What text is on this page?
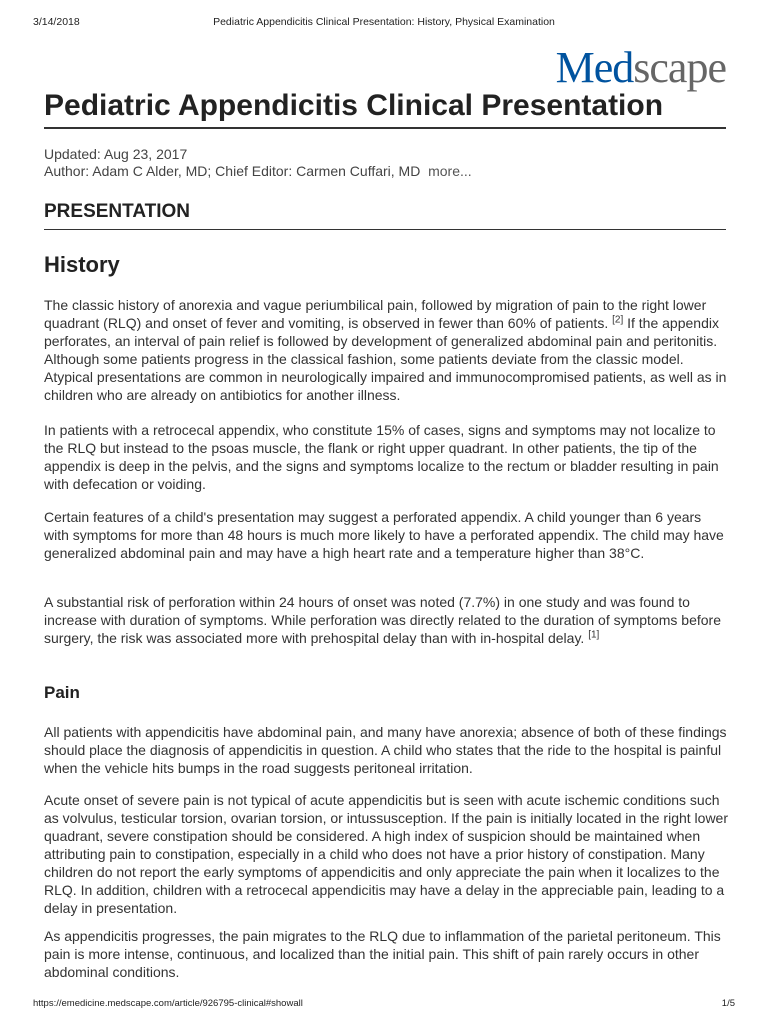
3/14/2018	Pediatric Appendicitis Clinical Presentation: History, Physical Examination
Medscape
Pediatric Appendicitis Clinical Presentation
Updated: Aug 23, 2017
Author: Adam C Alder, MD; Chief Editor: Carmen Cuffari, MD more...
PRESENTATION
History

The classic history of anorexia and vague periumbilical pain, followed by migration of pain to the right lower quadrant (RLQ) and onset of fever and vomiting, is observed in fewer than 60% of patients. [2] If the appendix perforates, an interval of pain relief is followed by development of generalized abdominal pain and peritonitis. Although some patients progress in the classical fashion, some patients deviate from the classic model. Atypical presentations are common in neurologically impaired and immunocompromised patients, as well as in children who are already on antibiotics for another illness.

In patients with a retrocecal appendix, who constitute 15% of cases, signs and symptoms may not localize to the RLQ but instead to the psoas muscle, the flank or right upper quadrant. In other patients, the tip of the appendix is deep in the pelvis, and the signs and symptoms localize to the rectum or bladder resulting in pain with defecation or voiding.

Certain features of a child's presentation may suggest a perforated appendix. A child younger than 6 years with symptoms for more than 48 hours is much more likely to have a perforated appendix. The child may have generalized abdominal pain and may have a high heart rate and a temperature higher than 38°C.

A substantial risk of perforation within 24 hours of onset was noted (7.7%) in one study and was found to increase with duration of symptoms. While perforation was directly related to the duration of symptoms before surgery, the risk was associated more with prehospital delay than with in-hospital delay. [1]

Pain

All patients with appendicitis have abdominal pain, and many have anorexia; absence of both of these findings should place the diagnosis of appendicitis in question. A child who states that the ride to the hospital is painful when the vehicle hits bumps in the road suggests peritoneal irritation.

Acute onset of severe pain is not typical of acute appendicitis but is seen with acute ischemic conditions such as volvulus, testicular torsion, ovarian torsion, or intussusception. If the pain is initially located in the right lower quadrant, severe constipation should be considered. A high index of suspicion should be maintained when attributing pain to constipation, especially in a child who does not have a prior history of constipation. Many children do not report the early symptoms of appendicitis and only appreciate the pain when it localizes to the RLQ. In addition, children with a retrocecal appendicitis may have a delay in the appreciable pain, leading to a delay in presentation.

As appendicitis progresses, the pain migrates to the RLQ due to inflammation of the parietal peritoneum. This pain is more intense, continuous, and localized than the initial pain. This shift of pain rarely occurs in other abdominal conditions.

https://emedicine.medscape.com/article/926795-clinical#showall	1/5
